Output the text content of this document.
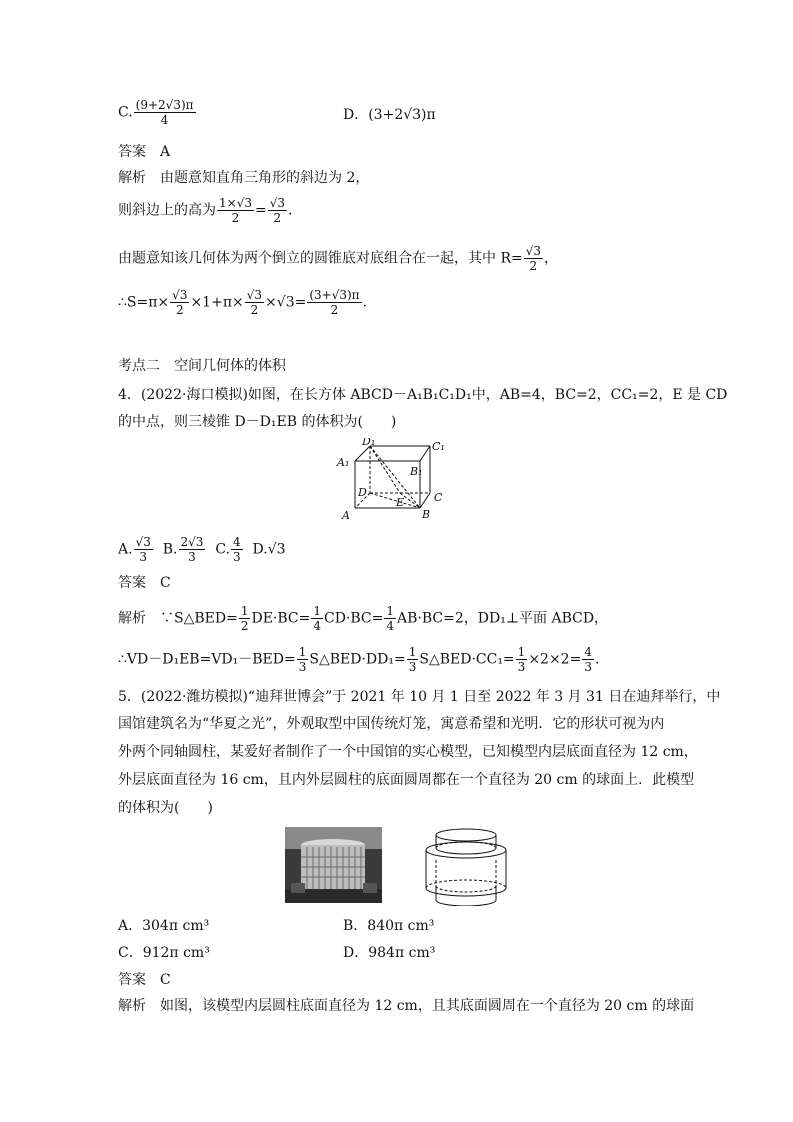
C. $\frac{(9+2√3)\pi}{4}$	D．(3+2√3)π
答案　A
解析　由题意知直角三角形的斜边为 2，
则斜边上的高为 $\frac{1\times√3}{2} = \frac{√3}{2}$ .
由题意知该几何体为两个倒立的圆锥底对底组合在一起，其中 $R= \frac{√3}{2}$ ，
∴S=π× $\frac{√3}{2} \times 1+\pi\times \frac{√3}{2} \times√3= \frac{(3+√3)\pi}{2}$ .
考点二　空间几何体的体积
4．(2022·海口模拟)如图，在长方体 ABCD－A₁B₁C₁D₁中，AB=4，BC=2，CC₁=2，E 是 CD
的中点，则三棱锥 D－D₁EB 的体积为(　　)
D₁	C₁
A₁
B₁
D	C
A	B
E
A. $\frac{√3}{3} B$. $\frac{2√3}{3} C$. $\frac{4}{3} D.√3$
答案　C
解析　∵S△BED= $\frac{1}{2} DE\cdot BC= \frac{1}{4} CD\cdot BC= \frac{1}{4} AB\cdot BC=2$，DD₁⊥平面 ABCD，
∴VD－D₁EB=VD₁－BED= $\frac{1}{3}$ S△BED·DD₁= $\frac{1}{3}$ S△BED·CC₁= $\frac{1}{3} \times 2\times 2= \frac{4}{3}$ .
5．(2022·潍坊模拟)“迪拜世博会”于 2021 年 10 月 1 日至 2022 年 3 月 31 日在迪拜举行，中
国馆建筑名为“华夏之光”，外观取型中国传统灯笼，寓意希望和光明．它的形状可视为内
外两个同轴圆柱，某爱好者制作了一个中国馆的实心模型，已知模型内层底面直径为 12 cm，
外层底面直径为 16 cm，且内外层圆柱的底面圆周都在一个直径为 20 cm 的球面上．此模型
的体积为(　　)
A．304π cm³	B．840π cm³
C．912π cm³	D．984π cm³
答案　C
解析　如图，该模型内层圆柱底面直径为 12 cm，且其底面圆周在一个直径为 20 cm 的球面
